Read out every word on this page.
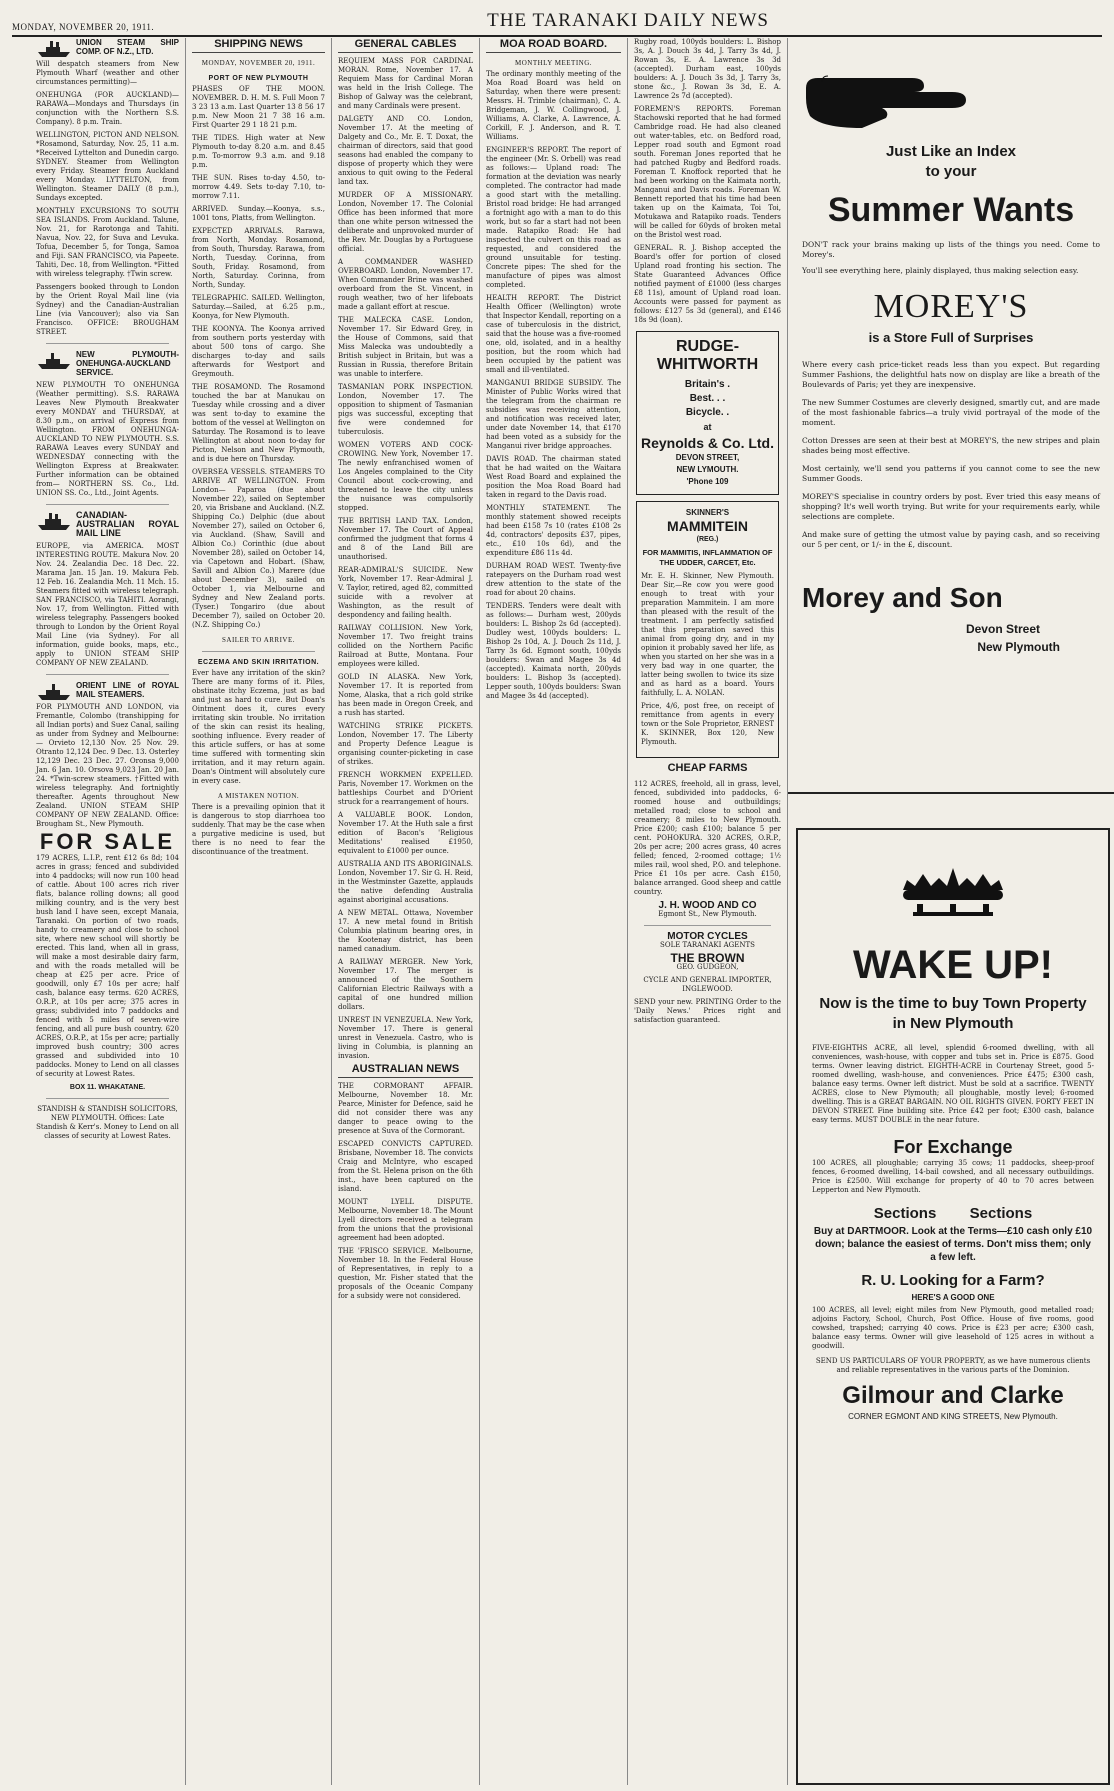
MONDAY, NOVEMBER 20, 1911.	THE TARANAKI DAILY NEWS
UNION STEAM SHIP COMP. OF N.Z., LTD.
Will despatch steamers from New Plymouth Wharf (weather and other circumstances permitting)—
ONEHUNGA (FOR AUCKLAND)— RARAWA—Mondays and Thursdays (in conjunction with the Northern S.S. Company). 8 p.m. Train.
WELLINGTON, PICTON AND NELSON. *Rosamond, Saturday, Nov. 25, 11 a.m. *Received Lyttelton and Dunedin cargo. SYDNEY. Steamer from Wellington every Friday. Steamer from Auckland every Monday. LYTTELTON, from Wellington. Steamer DAILY (8 p.m.), Sundays excepted.
MONTHLY EXCURSIONS TO SOUTH SEA ISLANDS. From Auckland. Talune, Nov. 21, for Rarotonga and Tahiti. Navua, Nov. 22, for Suva and Levuka. Tofua, December 5, for Tonga, Samoa and Fiji. SAN FRANCISCO, via Papeete. Tahiti, Dec. 18, from Wellington. *Fitted with wireless telegraphy. †Twin screw.
Passengers booked through to London by the Orient Royal Mail line (via Sydney) and the Canadian-Australian Line (via Vancouver); also via San Francisco. OFFICE: BROUGHAM STREET.
NEW PLYMOUTH-ONEHUNGA-AUCKLAND SERVICE.
NEW PLYMOUTH TO ONEHUNGA (Weather permitting). S.S. RARAWA Leaves New Plymouth Breakwater every MONDAY and THURSDAY, at 8.30 p.m., on arrival of Express from Wellington. FROM ONEHUNGA-AUCKLAND TO NEW PLYMOUTH. S.S. RARAWA Leaves every SUNDAY and WEDNESDAY connecting with the Wellington Express at Breakwater. Further information can be obtained from— NORTHERN SS. Co., Ltd. UNION SS. Co., Ltd., Joint Agents.
CANADIAN-AUSTRALIAN ROYAL MAIL LINE
EUROPE, via AMERICA. MOST INTERESTING ROUTE. Makura Nov. 20 Nov. 24. Zealandia Dec. 18 Dec. 22. Marama Jan. 15 Jan. 19. Makura Feb. 12 Feb. 16. Zealandia Mch. 11 Mch. 15. Steamers fitted with wireless telegraph. SAN FRANCISCO, via TAHITI. Aorangi, Nov. 17, from Wellington. Fitted with wireless telegraphy. Passengers booked through to London by the Orient Royal Mail Line (via Sydney). For all information, guide books, maps, etc., apply to UNION STEAM SHIP COMPANY OF NEW ZEALAND.
ORIENT LINE of ROYAL MAIL STEAMERS.
FOR PLYMOUTH AND LONDON, via Fremantle, Colombo (transhipping for all Indian ports) and Suez Canal, sailing as under from Sydney and Melbourne:— Orvieto 12,130 Nov. 25 Nov. 29. Otranto 12,124 Dec. 9 Dec. 13. Osterley 12,129 Dec. 23 Dec. 27. Oronsa 9,000 Jan. 6 Jan. 10. Orsova 9,023 Jan. 20 Jan. 24. *Twin-screw steamers. †Fitted with wireless telegraphy. And fortnightly thereafter. Agents throughout New Zealand. UNION STEAM SHIP COMPANY OF NEW ZEALAND. Office: Brougham St., New Plymouth.
FOR SALE
179 ACRES, L.I.P., rent £12 6s 8d; 104 acres in grass; fenced and subdivided into 4 paddocks; will now run 100 head of cattle. About 100 acres rich river flats, balance rolling downs; all good milking country, and is the very best bush land I have seen, except Manaia, Taranaki. On portion of two roads, handy to creamery and close to school site, where new school will shortly be erected. This land, when all in grass, will make a most desirable dairy farm, and with the roads metalled will be cheap at £25 per acre. Price of goodwill, only £7 10s per acre; half cash, balance easy terms. 620 ACRES, O.R.P., at 10s per acre; 375 acres in grass; subdivided into 7 paddocks and fenced with 5 miles of seven-wire fencing, and all pure bush country. 620 ACRES, O.R.P., at 15s per acre; partially improved bush country; 300 acres grassed and subdivided into 10 paddocks. Money to Lend on all classes of security at Lowest Rates.
BOX 11. WHAKATANE.
STANDISH & STANDISH SOLICITORS, NEW PLYMOUTH. Offices: Late Standish & Kerr's. Money to Lend on all classes of security at Lowest Rates.
SHIPPING NEWS
MONDAY, NOVEMBER 20, 1911.
PORT OF NEW PLYMOUTH
PHASES OF THE MOON. NOVEMBER. D. H. M. S. Full Moon 7 3 23 13 a.m. Last Quarter 13 8 56 17 p.m. New Moon 21 7 38 16 a.m. First Quarter 29 1 18 21 p.m.
THE TIDES. High water at New Plymouth to-day 8.20 a.m. and 8.45 p.m. To-morrow 9.3 a.m. and 9.18 p.m.
THE SUN. Rises to-day 4.50, to-morrow 4.49. Sets to-day 7.10, to-morrow 7.11.
ARRIVED. Sunday.—Koonya, s.s., 1001 tons, Platts, from Wellington.
EXPECTED ARRIVALS. Rarawa, from North, Monday. Rosamond, from South, Thursday. Rarawa, from North, Tuesday. Corinna, from South, Friday. Rosamond, from North, Saturday. Corinna, from North, Sunday.
TELEGRAPHIC. SAILED. Wellington, Saturday.—Sailed, at 6.25 p.m., Koonya, for New Plymouth.
THE KOONYA. The Koonya arrived from southern ports yesterday with about 500 tons of cargo. She discharges to-day and sails afterwards for Westport and Greymouth.
THE ROSAMOND. The Rosamond touched the bar at Manukau on Tuesday while crossing and a diver was sent to-day to examine the bottom of the vessel at Wellington on Saturday. The Rosamond is to leave Wellington at about noon to-day for Picton, Nelson and New Plymouth, and is due here on Thursday.
OVERSEA VESSELS. STEAMERS TO ARRIVE AT WELLINGTON. From London— Paparoa (due about November 22), sailed on September 20, via Brisbane and Auckland. (N.Z. Shipping Co.) Delphic (due about November 27), sailed on October 6, via Auckland. (Shaw, Savill and Albion Co.) Corinthic (due about November 28), sailed on October 14, via Capetown and Hobart. (Shaw, Savill and Albion Co.) Marere (due about December 3), sailed on October 1, via Melbourne and Sydney and New Zealand ports. (Tyser.) Tongariro (due about December 7), sailed on October 20. (N.Z. Shipping Co.)
SAILER TO ARRIVE.
ECZEMA AND SKIN IRRITATION.
Ever have any irritation of the skin? There are many forms of it. Piles, obstinate itchy Eczema, just as bad and just as hard to cure. But Doan's Ointment does it, cures every irritating skin trouble. No irritation of the skin can resist its healing, soothing influence. Every reader of this article suffers, or has at some time suffered with tormenting skin irritation, and it may return again. Doan's Ointment will absolutely cure in every case.
A MISTAKEN NOTION.
There is a prevailing opinion that it is dangerous to stop diarrhoea too suddenly. That may be the case when a purgative medicine is used, but there is no need to fear the discontinuance of the treatment.
GENERAL CABLES
REQUIEM MASS FOR CARDINAL MORAN. Rome, November 17. A Requiem Mass for Cardinal Moran was held in the Irish College. The Bishop of Galway was the celebrant, and many Cardinals were present.
DALGETY AND CO. London, November 17. At the meeting of Dalgety and Co., Mr. E. T. Doxat, the chairman of directors, said that good seasons had enabled the company to dispose of property which they were anxious to quit owing to the Federal land tax.
MURDER OF A MISSIONARY. London, November 17. The Colonial Office has been informed that more than one white person witnessed the deliberate and unprovoked murder of the Rev. Mr. Douglas by a Portuguese official.
A COMMANDER WASHED OVERBOARD. London, November 17. When Commander Brine was washed overboard from the St. Vincent, in rough weather, two of her lifeboats made a gallant effort at rescue.
THE MALECKA CASE. London, November 17. Sir Edward Grey, in the House of Commons, said that Miss Malecka was undoubtedly a British subject in Britain, but was a Russian in Russia, therefore Britain was unable to interfere.
TASMANIAN PORK INSPECTION. London, November 17. The opposition to shipment of Tasmanian pigs was successful, excepting that five were condemned for tuberculosis.
WOMEN VOTERS AND COCK-CROWING. New York, November 17. The newly enfranchised women of Los Angeles complained to the City Council about cock-crowing, and threatened to leave the city unless the nuisance was compulsorily stopped.
THE BRITISH LAND TAX. London, November 17. The Court of Appeal confirmed the judgment that forms 4 and 8 of the Land Bill are unauthorised.
REAR-ADMIRAL'S SUICIDE. New York, November 17. Rear-Admiral J. V. Taylor, retired, aged 82, committed suicide with a revolver at Washington, as the result of despondency and failing health.
RAILWAY COLLISION. New York, November 17. Two freight trains collided on the Northern Pacific Railroad at Butte, Montana. Four employees were killed.
GOLD IN ALASKA. New York, November 17. It is reported from Nome, Alaska, that a rich gold strike has been made in Oregon Creek, and a rush has started.
WATCHING STRIKE PICKETS. London, November 17. The Liberty and Property Defence League is organising counter-picketing in case of strikes.
FRENCH WORKMEN EXPELLED. Paris, November 17. Workmen on the battleships Courbet and D'Orient struck for a rearrangement of hours.
A VALUABLE BOOK. London, November 17. At the Huth sale a first edition of Bacon's 'Religious Meditations' realised £1950, equivalent to £1000 per ounce.
AUSTRALIA AND ITS ABORIGINALS. London, November 17. Sir G. H. Reid, in the Westminster Gazette, applauds the native defending Australia against aboriginal accusations.
A NEW METAL. Ottawa, November 17. A new metal found in British Columbia platinum bearing ores, in the Kootenay district, has been named canadium.
A RAILWAY MERGER. New York, November 17. The merger is announced of the Southern Californian Electric Railways with a capital of one hundred million dollars.
UNREST IN VENEZUELA. New York, November 17. There is general unrest in Venezuela. Castro, who is living in Columbia, is planning an invasion.
AUSTRALIAN NEWS
THE CORMORANT AFFAIR. Melbourne, November 18. Mr. Pearce, Minister for Defence, said he did not consider there was any danger to peace owing to the presence at Suva of the Cormorant.
ESCAPED CONVICTS CAPTURED. Brisbane, November 18. The convicts Craig and McIntyre, who escaped from the St. Helena prison on the 6th inst., have been captured on the island.
MOUNT LYELL DISPUTE. Melbourne, November 18. The Mount Lyell directors received a telegram from the unions that the provisional agreement had been adopted.
THE 'FRISCO SERVICE. Melbourne, November 18. In the Federal House of Representatives, in reply to a question, Mr. Fisher stated that the proposals of the Oceanic Company for a subsidy were not considered.
MOA ROAD BOARD.
MONTHLY MEETING.
The ordinary monthly meeting of the Moa Road Board was held on Saturday, when there were present: Messrs. H. Trimble (chairman), C. A. Bridgeman, J. W. Collingwood, J. Williams, A. Clarke, A. Lawrence, A. Corkill, F. J. Anderson, and R. T. Williams.
ENGINEER'S REPORT. The report of the engineer (Mr. S. Orbell) was read as follows:— Upland road: The formation at the deviation was nearly completed. The contractor had made a good start with the metalling. Bristol road bridge: He had arranged a fortnight ago with a man to do this work, but so far a start had not been made. Ratapiko Road: He had inspected the culvert on this road as requested, and considered the ground unsuitable for testing. Concrete pipes: The shed for the manufacture of pipes was almost completed.
HEALTH REPORT. The District Health Officer (Wellington) wrote that Inspector Kendall, reporting on a case of tuberculosis in the district, said that the house was a five-roomed one, old, isolated, and in a healthy position, but the room which had been occupied by the patient was small and ill-ventilated.
MANGANUI BRIDGE SUBSIDY. The Minister of Public Works wired that the telegram from the chairman re subsidies was receiving attention, and notification was received later, under date November 14, that £170 had been voted as a subsidy for the Manganui river bridge approaches.
DAVIS ROAD. The chairman stated that he had waited on the Waitara West Road Board and explained the position the Moa Road Board had taken in regard to the Davis road.
MONTHLY STATEMENT. The monthly statement showed receipts had been £158 7s 10 (rates £108 2s 4d, contractors' deposits £37, pipes, etc., £10 10s 6d), and the expenditure £86 11s 4d.
DURHAM ROAD WEST. Twenty-five ratepayers on the Durham road west drew attention to the state of the road for about 20 chains.
TENDERS. Tenders were dealt with as follows:— Durham west, 200yds boulders: L. Bishop 2s 6d (accepted). Dudley west, 100yds boulders: L. Bishop 2s 10d, A. J. Douch 2s 11d, J. Tarry 3s 6d. Egmont south, 100yds boulders: Swan and Magee 3s 4d (accepted). Kaimata north, 200yds boulders: L. Bishop 3s (accepted). Lepper south, 100yds boulders: Swan and Magee 3s 4d (accepted).
Rugby road, 100yds boulders: L. Bishop 3s, A. J. Douch 3s 4d, J. Tarry 3s 4d, J. Rowan 3s, E. A. Lawrence 3s 3d (accepted). Durham east, 100yds boulders: A. J. Douch 3s 3d, J. Tarry 3s, stone &c., J. Rowan 3s 3d, E. A. Lawrence 2s 7d (accepted).
FOREMEN'S REPORTS. Foreman Stachowski reported that he had formed Cambridge road. He had also cleaned out water-tables, etc. on Bedford road, Lepper road south and Egmont road south. Foreman Jones reported that he had patched Rugby and Bedford roads. Foreman T. Knoffock reported that he had been working on the Kaimata north, Manganui and Davis roads. Foreman W. Bennett reported that his time had been taken up on the Kaimata, Toi Toi, Motukawa and Ratapiko roads. Tenders will be called for 60yds of broken metal on the Bristol west road.
GENERAL. R. J. Bishop accepted the Board's offer for portion of closed Upland road fronting his section. The State Guaranteed Advances Office notified payment of £1000 (less charges £8 11s), amount of Upland road loan. Accounts were passed for payment as follows: £127 5s 3d (general), and £146 18s 9d (loan).
RUDGE-WHITWORTH
Britain's .
Best. . .
Bicycle. .
at
Reynolds & Co. Ltd.
DEVON STREET,
NEW LYMOUTH.
'Phone 109
SKINNER'S
MAMMITEIN
(REG.)
FOR MAMMITIS, INFLAMMATION OF THE UDDER, CARCET, Etc.
Mr. E. H. Skinner, New Plymouth. Dear Sir,—Re cow you were good enough to treat with your preparation Mammitein. I am more than pleased with the result of the treatment. I am perfectly satisfied that this preparation saved this animal from going dry, and in my opinion it probably saved her life, as when you started on her she was in a very bad way in one quarter, the latter being swollen to twice its size and as hard as a board. Yours faithfully, L. A. NOLAN.
Price, 4/6, post free, on receipt of remittance from agents in every town or the Sole Proprietor, ERNEST K. SKINNER, Box 120, New Plymouth.
CHEAP FARMS
112 ACRES, freehold, all in grass, level, fenced, subdivided into paddocks, 6-roomed house and outbuildings; metalled road; close to school and creamery; 8 miles to New Plymouth. Price £200; cash £100; balance 5 per cent. POHOKURA. 320 ACRES, O.R.P., 20s per acre; 200 acres grass, 40 acres felled; fenced, 2-roomed cottage; 1½ miles rail, wool shed, P.O. and telephone. Price £1 10s per acre. Cash £150, balance arranged. Good sheep and cattle country.
J. H. WOOD AND CO
Egmont St., New Plymouth.
MOTOR CYCLES
SOLE TARANAKI AGENTS
THE BROWN
GEO. GUDGEON,
CYCLE AND GENERAL IMPORTER, INGLEWOOD.
SEND your new. PRINTING Order to the 'Daily News.' Prices right and satisfaction guaranteed.
Just Like an Index
to your
Summer Wants
DON'T rack your brains making up lists of the things you need. Come to Morey's.
You'll see everything here, plainly displayed, thus making selection easy.
MOREY'S
is a Store Full of Surprises
Where every cash price-ticket reads less than you expect. But regarding Summer Fashions, the delightful hats now on display are like a breath of the Boulevards of Paris; yet they are inexpensive.
The new Summer Costumes are cleverly designed, smartly cut, and are made of the most fashionable fabrics—a truly vivid portrayal of the mode of the moment.
Cotton Dresses are seen at their best at MOREY'S, the new stripes and plain shades being most effective.
Most certainly, we'll send you patterns if you cannot come to see the new Summer Goods.
MOREY'S specialise in country orders by post. Ever tried this easy means of shopping? It's well worth trying. But write for your requirements early, while selections are complete.
And make sure of getting the utmost value by paying cash, and so receiving our 5 per cent, or 1/- in the £, discount.
Morey and Son
Devon Street
New Plymouth
WAKE UP!
Now is the time to buy Town Property in New Plymouth
FIVE-EIGHTHS ACRE, all level, splendid 6-roomed dwelling, with all conveniences, wash-house, with copper and tubs set in. Price is £875. Good terms. Owner leaving district. EIGHTH-ACRE in Courtenay Street, good 5-roomed dwelling, wash-house, and conveniences. Price £475; £300 cash, balance easy terms. Owner left district. Must be sold at a sacrifice. TWENTY ACRES, close to New Plymouth; all ploughable, mostly level; 6-roomed dwelling. This is a GREAT BARGAIN. NO OIL RIGHTS GIVEN. FORTY FEET IN DEVON STREET. Fine building site. Price £42 per foot; £300 cash, balance easy terms. MUST DOUBLE in the near future.
For Exchange
100 ACRES, all ploughable; carrying 35 cows; 11 paddocks, sheep-proof fences, 6-roomed dwelling, 14-bail cowshed, and all necessary outbuildings. Price is £2500. Will exchange for property of 40 to 70 acres between Lepperton and New Plymouth.
Sections        Sections
Buy at DARTMOOR. Look at the Terms—£10 cash only £10 down; balance the easiest of terms. Don't miss them; only a few left.
R. U. Looking for a Farm?
HERE'S A GOOD ONE
100 ACRES, all level; eight miles from New Plymouth, good metalled road; adjoins Factory, School, Church, Post Office. House of five rooms, good cowshed, trapshed; carrying 40 cows. Price is £23 per acre; £300 cash, balance easy terms. Owner will give leasehold of 125 acres in without a goodwill.
SEND US PARTICULARS OF YOUR PROPERTY, as we have numerous clients and reliable representatives in the various parts of the Dominion.
Gilmour and Clarke
CORNER EGMONT AND KING STREETS, New Plymouth.
